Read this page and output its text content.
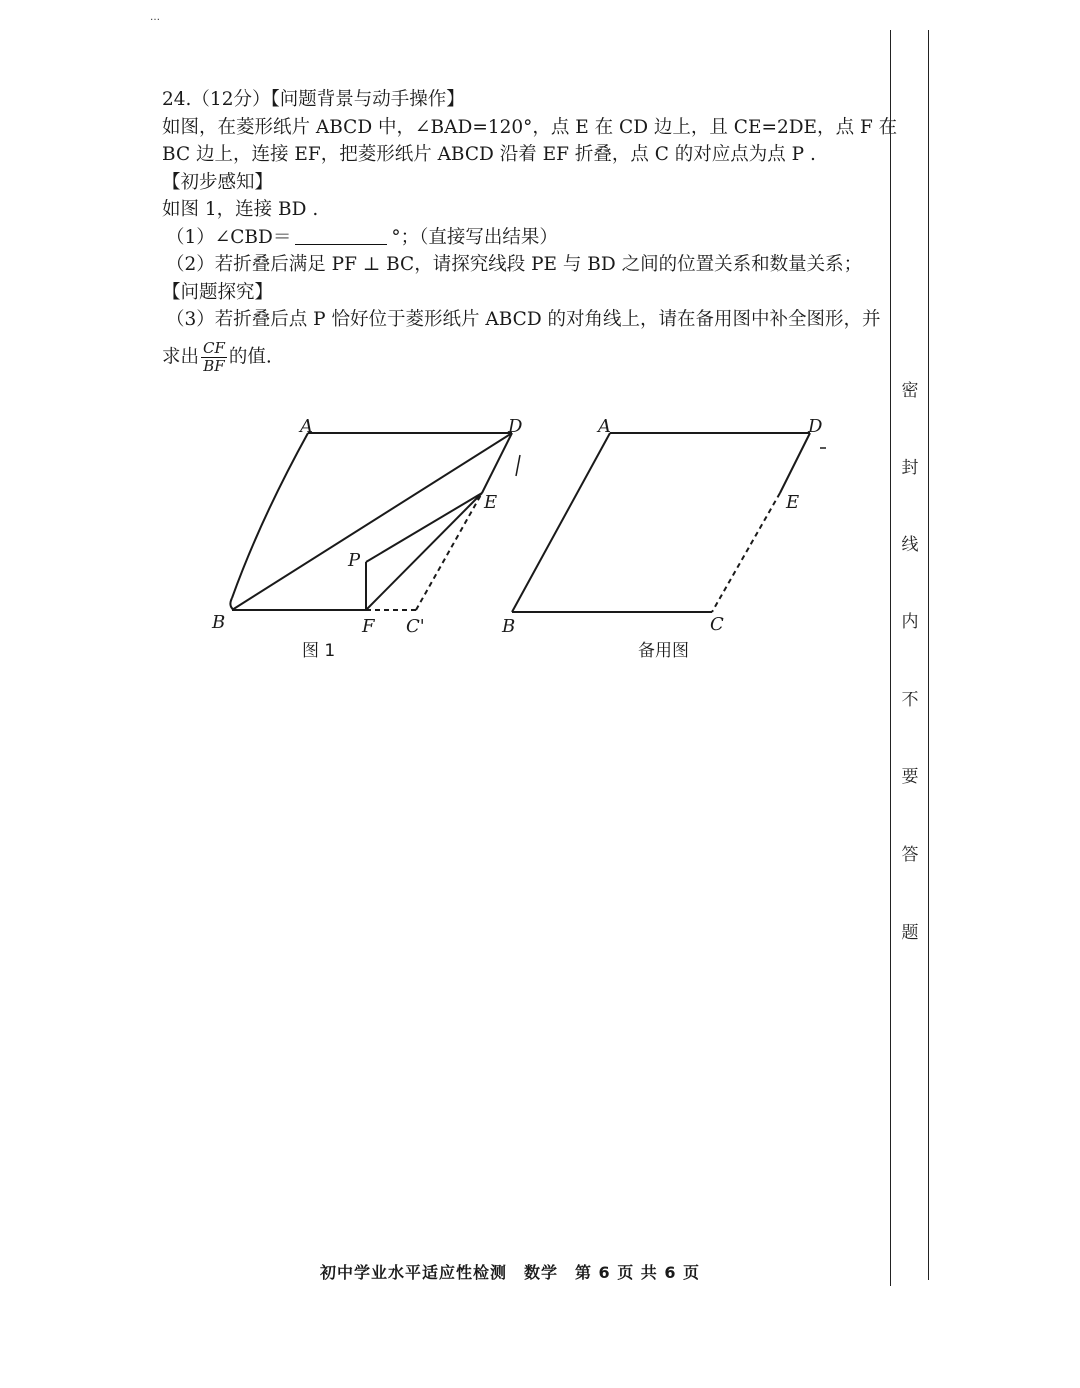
…

24.（12分）【问题背景与动手操作】

如图，在菱形纸片 ABCD 中，∠BAD=120°，点 E 在 CD 边上，且 CE=2DE，点 F 在

BC 边上，连接 EF，把菱形纸片 ABCD 沿着 EF 折叠，点 C 的对应点为点 P .

【初步感知】

如图 1，连接 BD .

（1）∠CBD＝	°；（直接写出结果）

（2）若折叠后满足 PF ⊥ BC，请探究线段 PE 与 BD 之间的位置关系和数量关系；

【问题探究】

（3）若折叠后点 P 恰好位于菱形纸片 ABCD 的对角线上，请在备用图中补全图形，并

求出 $\frac{CF}{BF}$ 的值.

A	D
E
P
B	F C'
A	D
E
B	C
图 1	备用图
初中学业水平适应性检测　数学　第 6 页 共 6 页
密
封
线
内
不
要
答
题
